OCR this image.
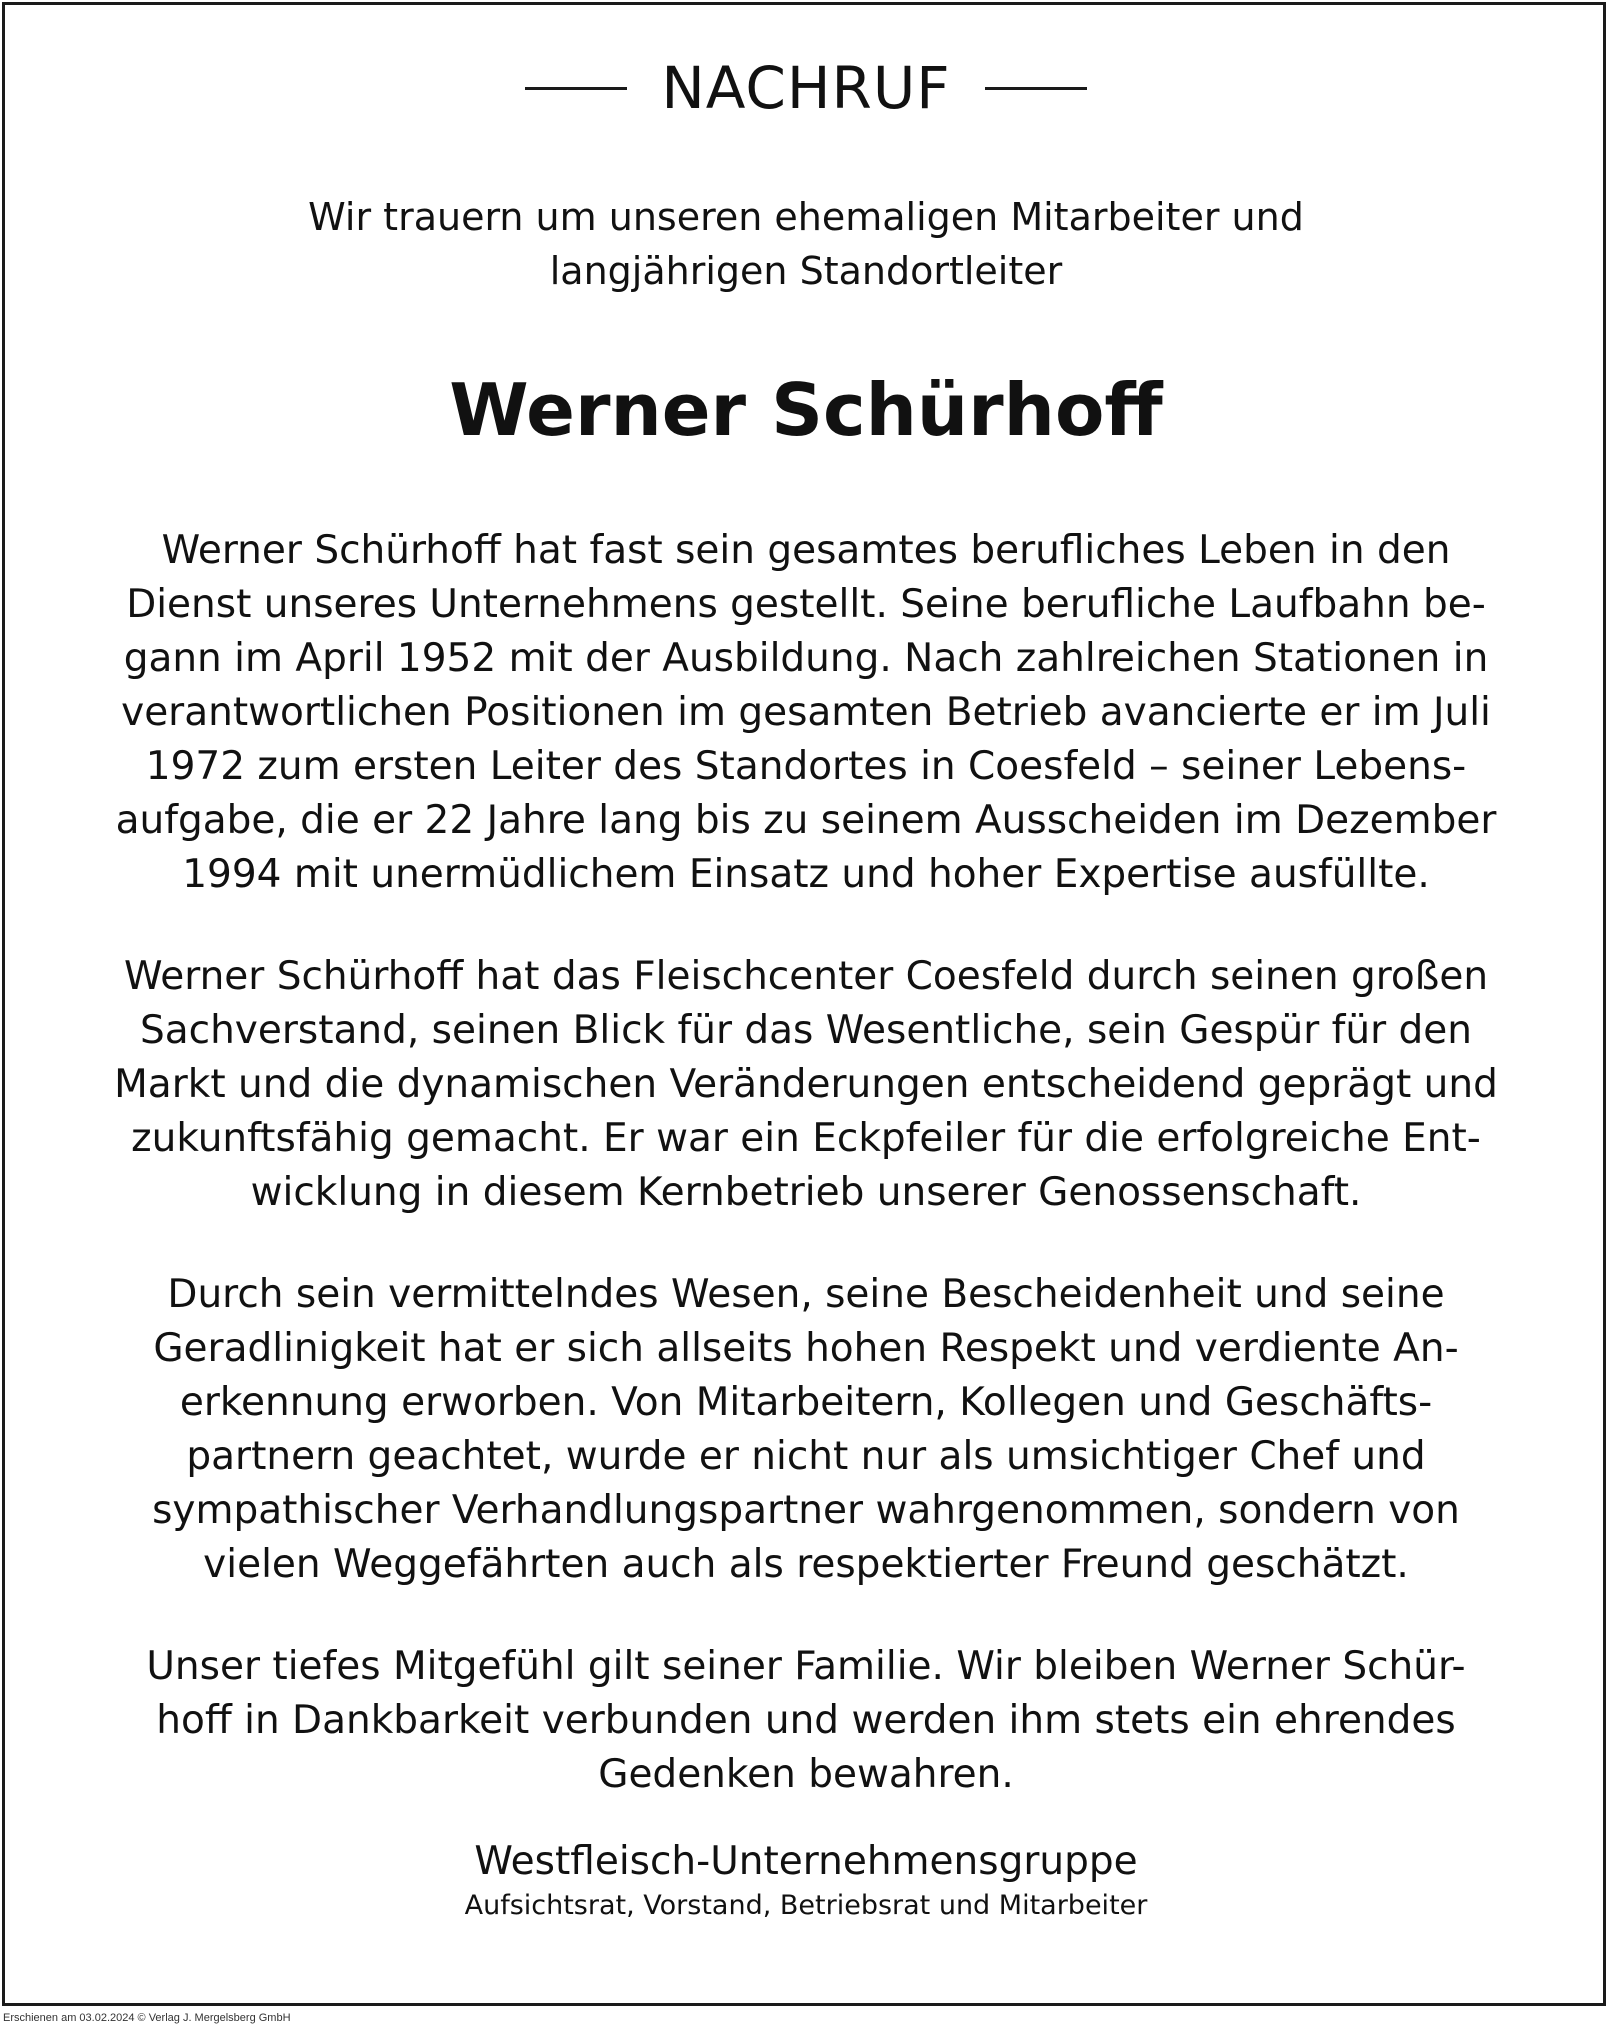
NACHRUF
Wir trauern um unseren ehemaligen Mitarbeiter und
langjährigen Standortleiter
Werner Schürhoff
Werner Schürhoff hat fast sein gesamtes berufliches Leben in den
Dienst unseres Unternehmens gestellt. Seine berufliche Laufbahn be-
gann im April 1952 mit der Ausbildung. Nach zahlreichen Stationen in
verantwortlichen Positionen im gesamten Betrieb avancierte er im Juli
1972 zum ersten Leiter des Standortes in Coesfeld – seiner Lebens-
aufgabe, die er 22 Jahre lang bis zu seinem Ausscheiden im Dezember
1994 mit unermüdlichem Einsatz und hoher Expertise ausfüllte.
Werner Schürhoff hat das Fleischcenter Coesfeld durch seinen großen
Sachverstand, seinen Blick für das Wesentliche, sein Gespür für den
Markt und die dynamischen Veränderungen entscheidend geprägt und
zukunftsfähig gemacht. Er war ein Eckpfeiler für die erfolgreiche Ent-
wicklung in diesem Kernbetrieb unserer Genossenschaft.
Durch sein vermittelndes Wesen, seine Bescheidenheit und seine
Geradlinigkeit hat er sich allseits hohen Respekt und verdiente An-
erkennung erworben. Von Mitarbeitern, Kollegen und Geschäfts-
partnern geachtet, wurde er nicht nur als umsichtiger Chef und
sympathischer Verhandlungspartner wahrgenommen, sondern von
vielen Weggefährten auch als respektierter Freund geschätzt.
Unser tiefes Mitgefühl gilt seiner Familie. Wir bleiben Werner Schür-
hoff in Dankbarkeit verbunden und werden ihm stets ein ehrendes
Gedenken bewahren.
Westfleisch-Unternehmensgruppe
Aufsichtsrat, Vorstand, Betriebsrat und Mitarbeiter
Erschienen am 03.02.2024 © Verlag J. Mergelsberg GmbH
